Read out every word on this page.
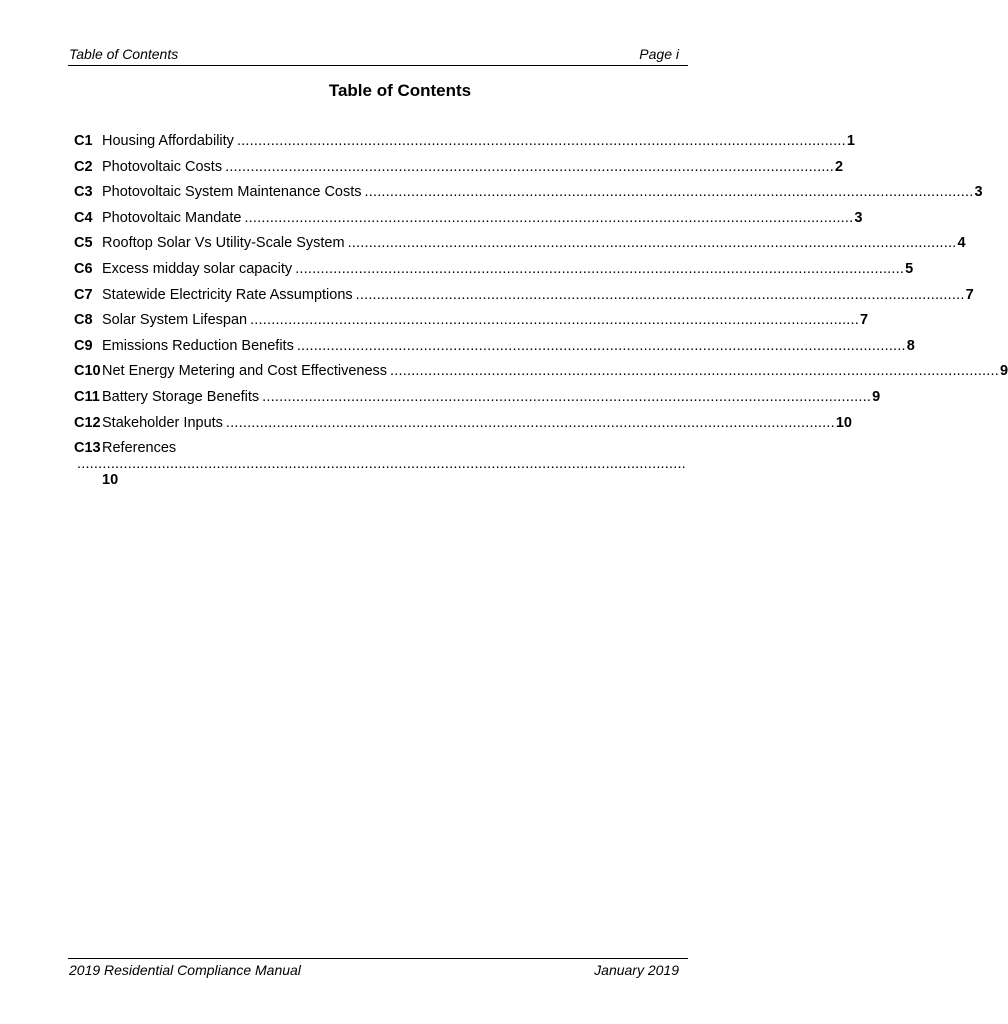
Table of Contents	Page i
Table of Contents
C1 Housing Affordability ................................................................................................................................................ 1
C2 Photovoltaic Costs ................................................................................................................................................ 2
C3 Photovoltaic System Maintenance Costs ................................................................................................................................................ 3
C4 Photovoltaic Mandate ................................................................................................................................................ 3
C5 Rooftop Solar Vs Utility-Scale System ................................................................................................................................................ 4
C6 Excess midday solar capacity ................................................................................................................................................ 5
C7 Statewide Electricity Rate Assumptions ................................................................................................................................................ 7
C8 Solar System Lifespan ................................................................................................................................................ 7
C9 Emissions Reduction Benefits ................................................................................................................................................ 8
C10 Net Energy Metering and Cost Effectiveness ................................................................................................................................................ 9
C11 Battery Storage Benefits ................................................................................................................................................ 9
C12 Stakeholder Inputs ................................................................................................................................................ 10
C13 References
................................................................................................................................................
10
2019 Residential Compliance Manual	January 2019
